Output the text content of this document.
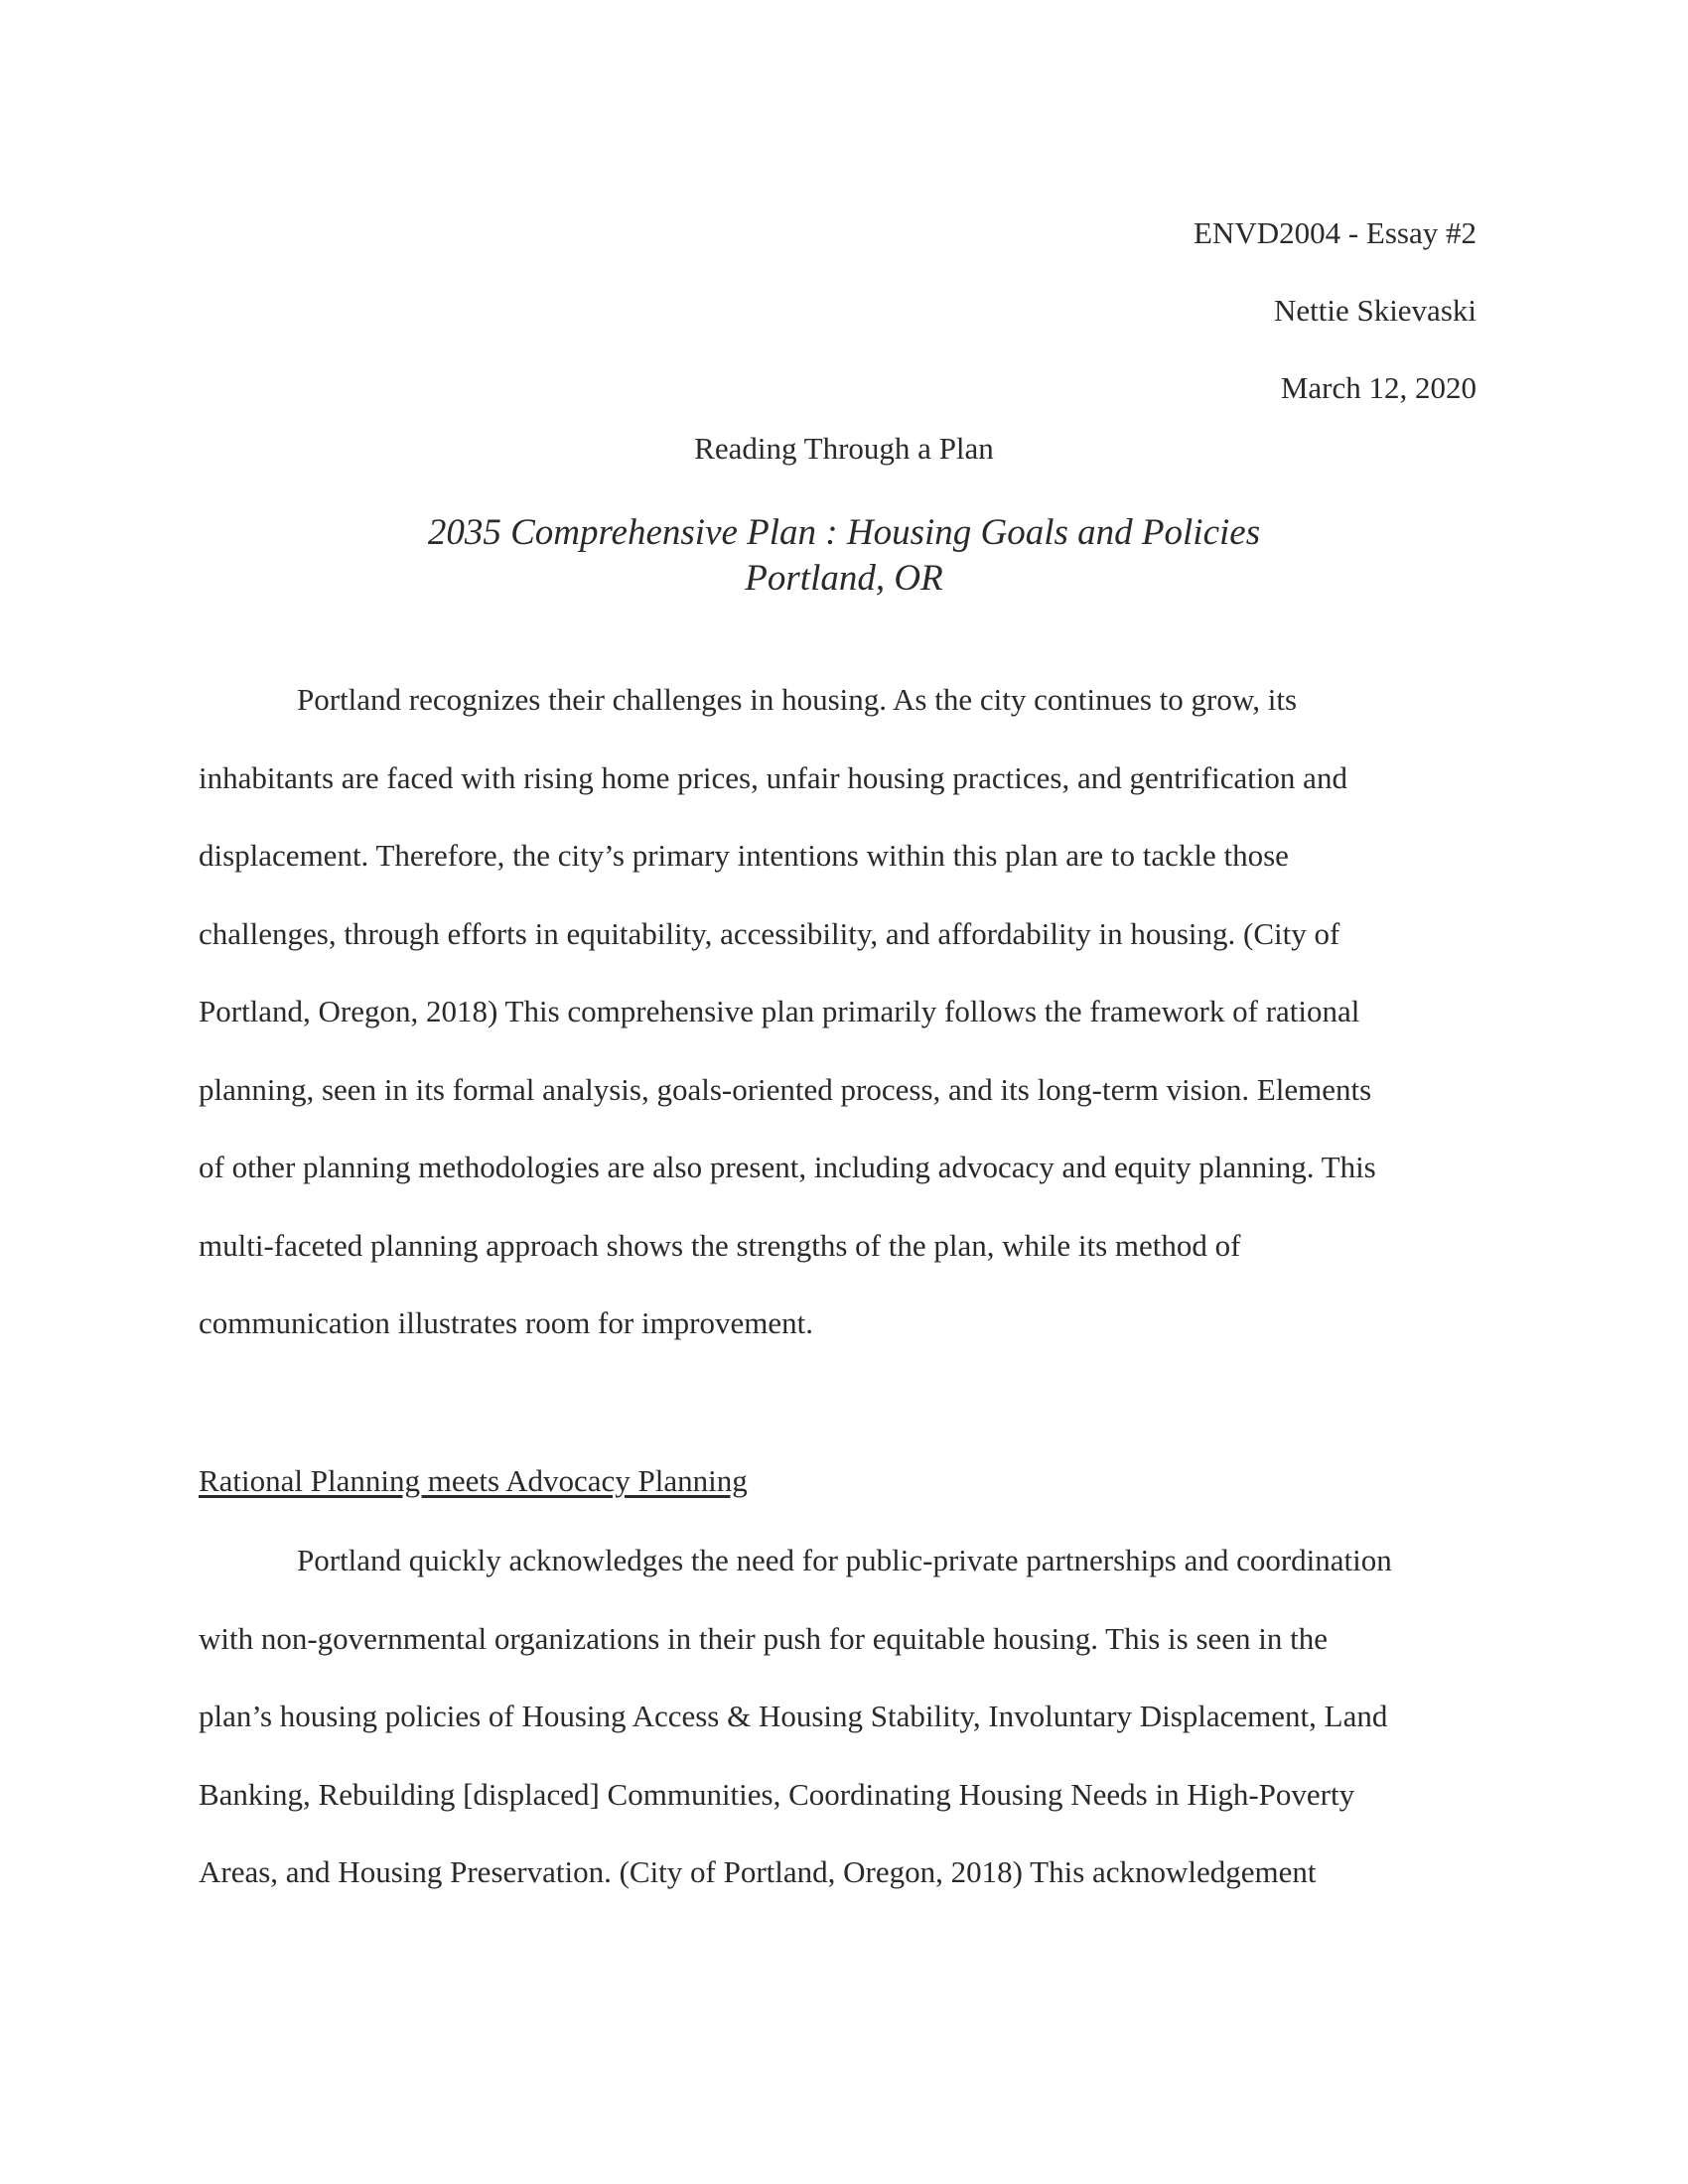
ENVD2004 - Essay #2
Nettie Skievaski
March 12, 2020
Reading Through a Plan
2035 Comprehensive Plan : Housing Goals and Policies
Portland, OR
Portland recognizes their challenges in housing. As the city continues to grow, its
inhabitants are faced with rising home prices, unfair housing practices, and gentrification and
displacement. Therefore, the city’s primary intentions within this plan are to tackle those
challenges, through efforts in equitability, accessibility, and affordability in housing. (City of
Portland, Oregon, 2018) This comprehensive plan primarily follows the framework of rational
planning, seen in its formal analysis, goals-oriented process, and its long-term vision. Elements
of other planning methodologies are also present, including advocacy and equity planning. This
multi-faceted planning approach shows the strengths of the plan, while its method of
communication illustrates room for improvement.
Rational Planning meets Advocacy Planning
Portland quickly acknowledges the need for public-private partnerships and coordination
with non-governmental organizations in their push for equitable housing. This is seen in the
plan’s housing policies of Housing Access & Housing Stability, Involuntary Displacement, Land
Banking, Rebuilding [displaced] Communities, Coordinating Housing Needs in High-Poverty
Areas, and Housing Preservation. (City of Portland, Oregon, 2018) This acknowledgement
